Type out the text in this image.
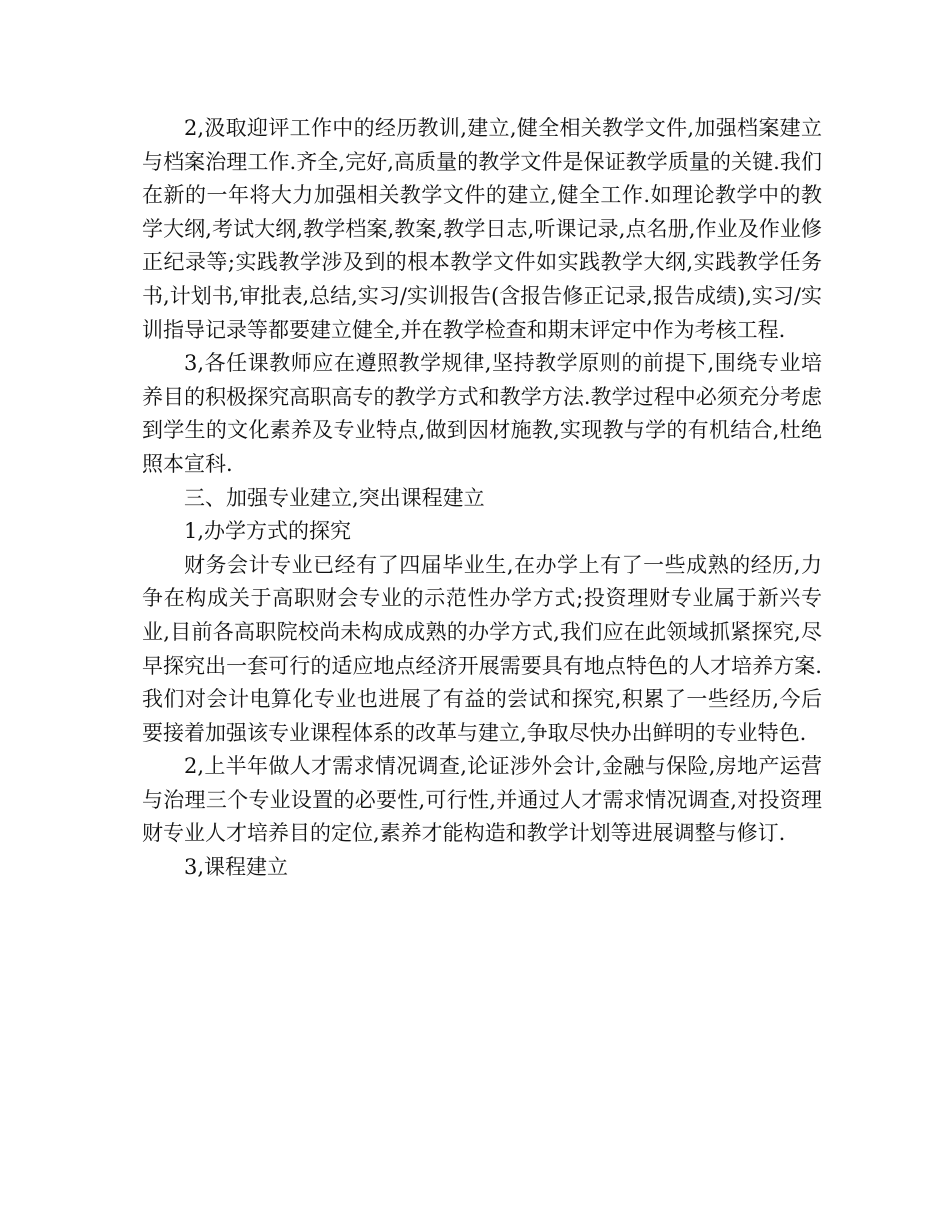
2,汲取迎评工作中的经历教训,建立,健全相关教学文件,加强档案建立与档案治理工作.齐全,完好,高质量的教学文件是保证教学质量的关键.我们在新的一年将大力加强相关教学文件的建立,健全工作.如理论教学中的教学大纲,考试大纲,教学档案,教案,教学日志,听课记录,点名册,作业及作业修正纪录等;实践教学涉及到的根本教学文件如实践教学大纲,实践教学任务书,计划书,审批表,总结,实习/实训报告(含报告修正记录,报告成绩),实习/实训指导记录等都要建立健全,并在教学检查和期末评定中作为考核工程.

3,各任课教师应在遵照教学规律,坚持教学原则的前提下,围绕专业培养目的积极探究高职高专的教学方式和教学方法.教学过程中必须充分考虑到学生的文化素养及专业特点,做到因材施教,实现教与学的有机结合,杜绝照本宣科.

三、加强专业建立,突出课程建立

1,办学方式的探究

财务会计专业已经有了四届毕业生,在办学上有了一些成熟的经历,力争在构成关于高职财会专业的示范性办学方式;投资理财专业属于新兴专业,目前各高职院校尚未构成成熟的办学方式,我们应在此领域抓紧探究,尽早探究出一套可行的适应地点经济开展需要具有地点特色的人才培养方案.我们对会计电算化专业也进展了有益的尝试和探究,积累了一些经历,今后要接着加强该专业课程体系的改革与建立,争取尽快办出鲜明的专业特色.

2,上半年做人才需求情况调查,论证涉外会计,金融与保险,房地产运营与治理三个专业设置的必要性,可行性,并通过人才需求情况调查,对投资理财专业人才培养目的定位,素养才能构造和教学计划等进展调整与修订.

3,课程建立
